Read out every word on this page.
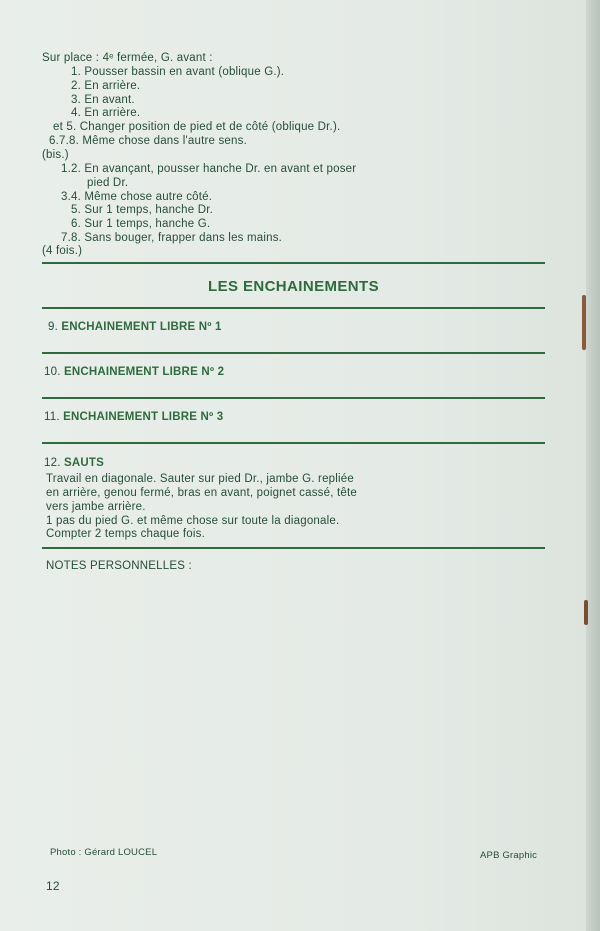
Sur place : 4ᵉ fermée, G. avant :
1. Pousser bassin en avant (oblique G.).
2. En arrière.
3. En avant.
4. En arrière.
et 5. Changer position de pied et de côté (oblique Dr.).
6.7.8. Même chose dans l'autre sens.
(bis.)
1.2. En avançant, pousser hanche Dr. en avant et poser
pied Dr.
3.4. Même chose autre côté.
5. Sur 1 temps, hanche Dr.
6. Sur 1 temps, hanche G.
7.8. Sans bouger, frapper dans les mains.
(4 fois.)
LES ENCHAINEMENTS
9. ENCHAINEMENT LIBRE Nº 1
10. ENCHAINEMENT LIBRE Nº 2
11. ENCHAINEMENT LIBRE Nº 3
12. SAUTS
Travail en diagonale. Sauter sur pied Dr., jambe G. repliée
en arrière, genou fermé, bras en avant, poignet cassé, tête
vers jambe arrière.
1 pas du pied G. et même chose sur toute la diagonale.
Compter 2 temps chaque fois.
NOTES PERSONNELLES :
Photo : Gérard LOUCEL	APB Graphic
12
